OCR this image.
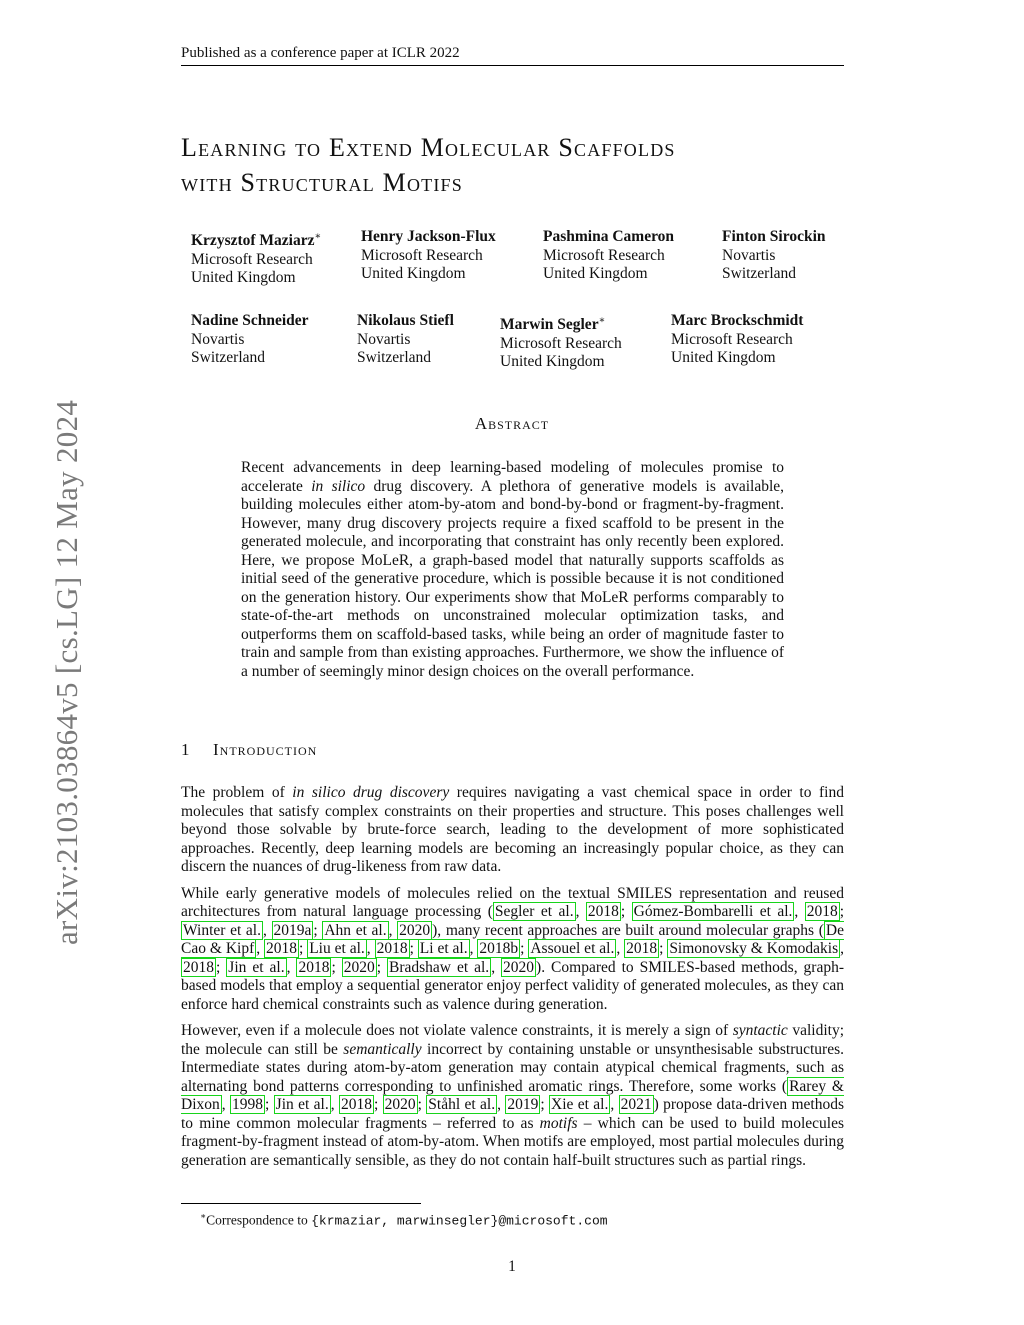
Published as a conference paper at ICLR 2022
arXiv:2103.03864v5 [cs.LG] 12 May 2024
Learning to Extend Molecular Scaffolds
with Structural Motifs
Krzysztof Maziarz∗
Microsoft Research
United Kingdom
Henry Jackson-Flux
Microsoft Research
United Kingdom
Pashmina Cameron
Microsoft Research
United Kingdom
Finton Sirockin
Novartis
Switzerland
Nadine Schneider
Novartis
Switzerland
Nikolaus Stiefl
Novartis
Switzerland
Marwin Segler∗
Microsoft Research
United Kingdom
Marc Brockschmidt
Microsoft Research
United Kingdom
Abstract

Recent advancements in deep learning-based modeling of molecules promise to accelerate in silico drug discovery. A plethora of generative models is available, building molecules either atom-by-atom and bond-by-bond or fragment-by-fragment. However, many drug discovery projects require a fixed scaffold to be present in the generated molecule, and incorporating that constraint has only recently been explored. Here, we propose MoLeR, a graph-based model that naturally supports scaffolds as initial seed of the generative procedure, which is possible because it is not conditioned on the generation history. Our experiments show that MoLeR performs comparably to state-of-the-art methods on unconstrained molecular optimization tasks, and outperforms them on scaffold-based tasks, while being an order of magnitude faster to train and sample from than existing approaches. Furthermore, we show the influence of a number of seemingly minor design choices on the overall performance.

1 Introduction

The problem of in silico drug discovery requires navigating a vast chemical space in order to find molecules that satisfy complex constraints on their properties and structure. This poses challenges well beyond those solvable by brute-force search, leading to the development of more sophisticated approaches. Recently, deep learning models are becoming an increasingly popular choice, as they can discern the nuances of drug-likeness from raw data.

While early generative models of molecules relied on the textual SMILES representation and reused architectures from natural language processing ( Segler et al. , 2018 ; Gómez-Bombarelli et al. , 2018 ; Winter et al. , 2019a ; Ahn et al. , 2020 ), many recent approaches are built around molecular graphs ( De Cao & Kipf , 2018 ; Liu et al. , 2018 ; Li et al. , 2018b ; Assouel et al. , 2018 ; Simonovsky & Komodakis , 2018 ; Jin et al. , 2018 ; 2020 ; Bradshaw et al. , 2020 ). Compared to SMILES-based methods, graph-based models that employ a sequential generator enjoy perfect validity of generated molecules, as they can enforce hard chemical constraints such as valence during generation.

However, even if a molecule does not violate valence constraints, it is merely a sign of syntactic validity; the molecule can still be semantically incorrect by containing unstable or unsynthesisable substructures. Intermediate states during atom-by-atom generation may contain atypical chemical fragments, such as alternating bond patterns corresponding to unfinished aromatic rings. Therefore, some works ( Rarey & Dixon , 1998 ; Jin et al. , 2018 ; 2020 ; Ståhl et al. , 2019 ; Xie et al. , 2021 ) propose data-driven methods to mine common molecular fragments – referred to as motifs – which can be used to build molecules fragment-by-fragment instead of atom-by-atom. When motifs are employed, most partial molecules during generation are semantically sensible, as they do not contain half-built structures such as partial rings.

∗Correspondence to {krmaziar, marwinsegler}@microsoft.com
1
